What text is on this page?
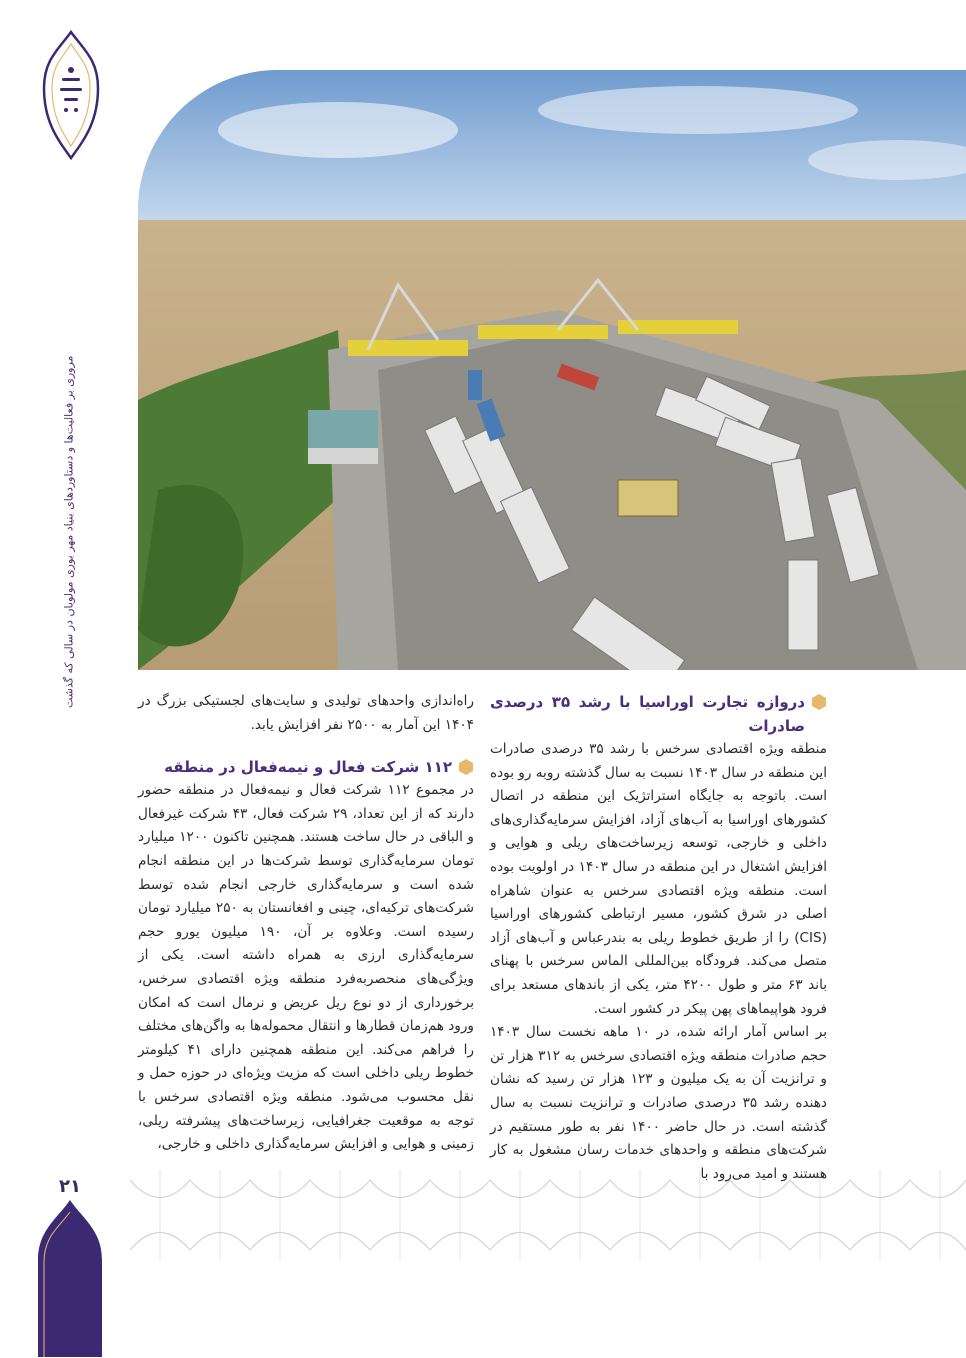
مروری بر فعالیت‌ها و دستاوردهای بنیاد مهر بوری مولوبان در سالی که گذشت
۲۱
دروازه تجارت اوراسیا با رشد ۳۵ درصدی صادرات

منطقه ویژه اقتصادی سرخس با رشد ۳۵ درصدی صادرات این منطقه در سال ۱۴۰۳ نسبت به سال گذشته روبه رو بوده است. باتوجه به جایگاه استراتژیک این منطقه در اتصال کشورهای اوراسیا به آب‌های آزاد، افزایش سرمایه‌گذاری‌های داخلی و خارجی، توسعه زیرساخت‌های ریلی و هوایی و افزایش اشتغال در این منطقه در سال ۱۴۰۳ در اولویت بوده است. منطقه ویژه اقتصادی سرخس به عنوان شاهراه اصلی در شرق کشور، مسیر ارتباطی کشورهای اوراسیا (CIS) را از طریق خطوط ریلی به بندرعباس و آب‌های آزاد متصل می‌کند. فرودگاه بین‌المللی الماس سرخس با پهنای باند ۶۳ متر و طول ۴۲۰۰ متر، یکی از باندهای مستعد برای فرود هواپیماهای پهن پیکر در کشور است.

بر اساس آمار ارائه شده، در ۱۰ ماهه نخست سال ۱۴۰۳ حجم صادرات منطقه ویژه اقتصادی سرخس به ۳۱۲ هزار تن و ترانزیت آن به یک میلیون و ۱۲۳ هزار تن رسید که نشان دهنده رشد ۳۵ درصدی صادرات و ترانزیت نسبت به سال گذشته است. در حال حاضر ۱۴۰۰ نفر به طور مستقیم در شرکت‌های منطقه و واحدهای خدمات رسان مشغول به کار هستند و امید می‌رود با

راه‌اندازی واحدهای تولیدی و سایت‌های لجستیکی بزرگ در ۱۴۰۴ این آمار به ۲۵۰۰ نفر افزایش یابد.

۱۱۲ شرکت فعال و نیمه‌فعال در منطقه

در مجموع ۱۱۲ شرکت فعال و نیمه‌فعال در منطقه حضور دارند که از این تعداد، ۲۹ شرکت فعال، ۴۳ شرکت غیرفعال و الباقی در حال ساخت هستند. همچنین تاکنون ۱۲۰۰ میلیارد تومان سرمایه‌گذاری توسط شرکت‌ها در این منطقه انجام شده است و سرمایه‌گذاری خارجی انجام شده توسط شرکت‌های ترکیه‌ای، چینی و افغانستان به ۲۵۰ میلیارد تومان رسیده است. وعلاوه بر آن، ۱۹۰ میلیون یورو حجم سرمایه‌گذاری ارزی به همراه داشته است. یکی از ویژگی‌های منحصربه‌فرد منطقه ویژه اقتصادی سرخس، برخورداری از دو نوع ریل عریض و نرمال است که امکان ورود هم‌زمان قطارها و انتقال محموله‌ها به واگن‌های مختلف را فراهم می‌کند. این منطقه همچنین دارای ۴۱ کیلومتر خطوط ریلی داخلی است که مزیت ویژه‌ای در حوزه حمل و نقل محسوب می‌شود. منطقه ویژه اقتصادی سرخس با توجه به موقعیت جغرافیایی، زیرساخت‌های پیشرفته ریلی، زمینی و هوایی و افزایش سرمایه‌گذاری داخلی و خارجی،
